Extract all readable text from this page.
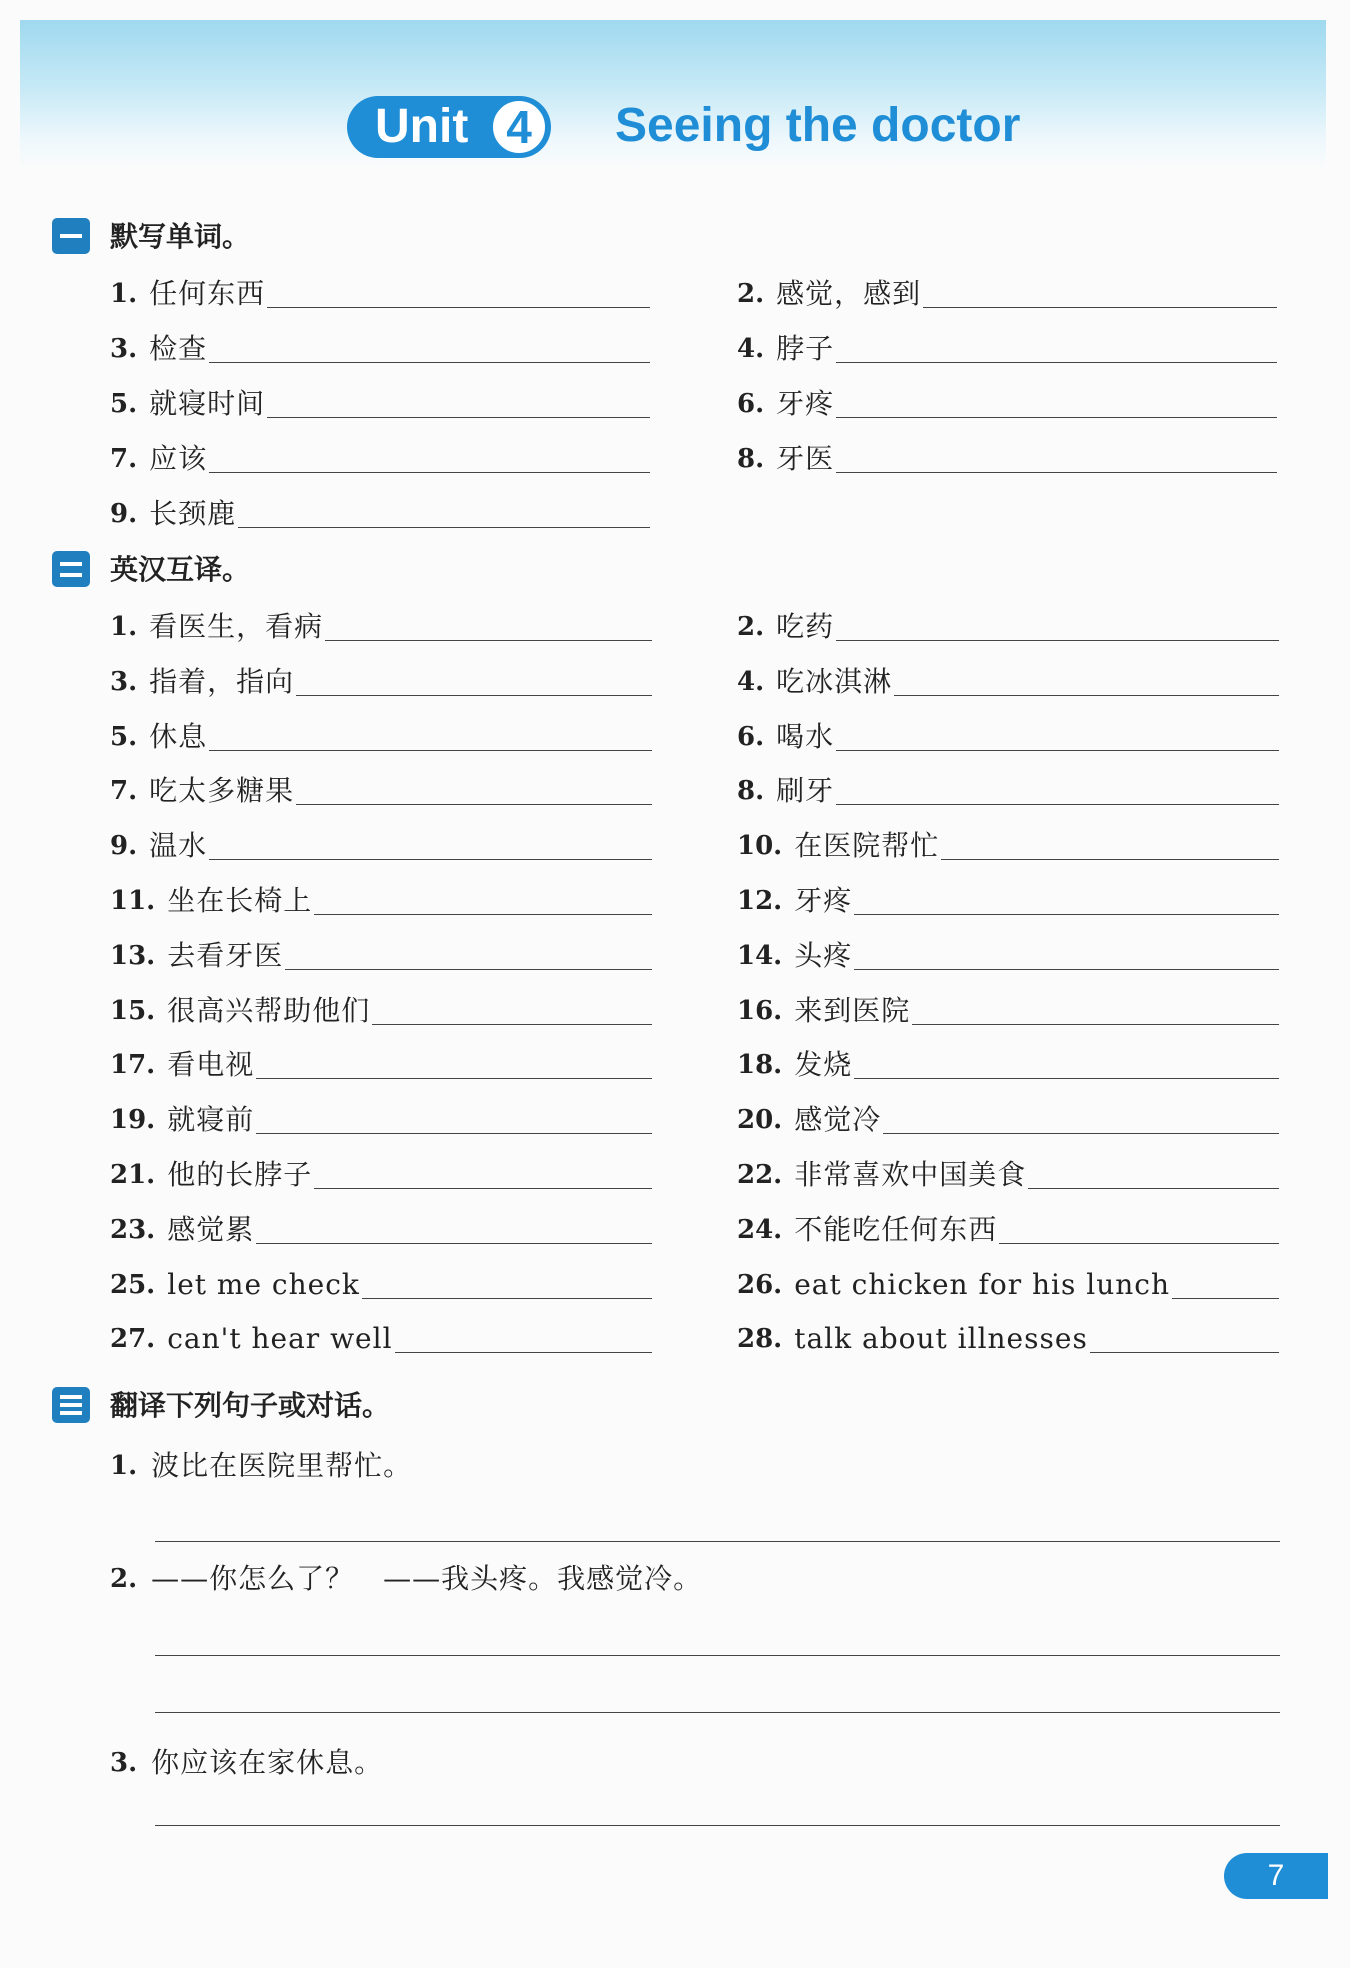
Unit 4	Seeing the doctor
默写单词。
1. 任何东西	2. 感觉，感到
3. 检查	4. 脖子
5. 就寝时间	6. 牙疼
7. 应该	8. 牙医
9. 长颈鹿
英汉互译。
1. 看医生，看病	2. 吃药
3. 指着，指向	4. 吃冰淇淋
5. 休息	6. 喝水
7. 吃太多糖果	8. 刷牙
9. 温水	10. 在医院帮忙
11. 坐在长椅上	12. 牙疼
13. 去看牙医	14. 头疼
15. 很高兴帮助他们	16. 来到医院
17. 看电视	18. 发烧
19. 就寝前	20. 感觉冷
21. 他的长脖子	22. 非常喜欢中国美食
23. 感觉累	24. 不能吃任何东西
25. let me check	26. eat chicken for his lunch
27. can't hear well	28. talk about illnesses
翻译下列句子或对话。
1. 波比在医院里帮忙。
2. ——你怎么了？　——我头疼。我感觉冷。
3. 你应该在家休息。
7
